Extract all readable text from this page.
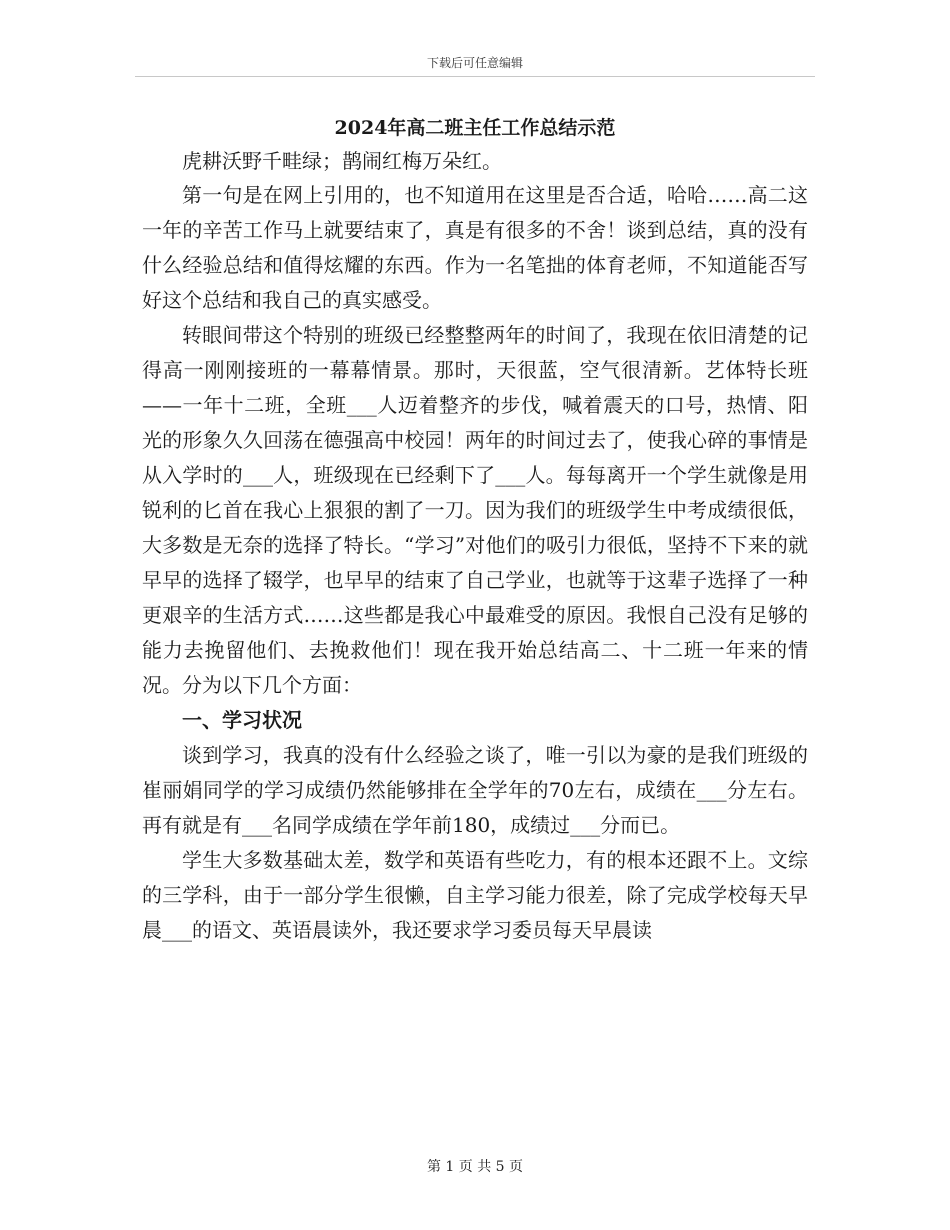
下载后可任意编辑
2024年高二班主任工作总结示范

虎耕沃野千畦绿；鹊闹红梅万朵红。

第一句是在网上引用的，也不知道用在这里是否合适，哈哈……高二这一年的辛苦工作马上就要结束了，真是有很多的不舍！谈到总结，真的没有什么经验总结和值得炫耀的东西。作为一名笔拙的体育老师，不知道能否写好这个总结和我自己的真实感受。

转眼间带这个特别的班级已经整整两年的时间了，我现在依旧清楚的记得高一刚刚接班的一幕幕情景。那时，天很蓝，空气很清新。艺体特长班——一年十二班，全班___人迈着整齐的步伐，喊着震天的口号，热情、阳光的形象久久回荡在德强高中校园！两年的时间过去了，使我心碎的事情是从入学时的___人，班级现在已经剩下了___人。每每离开一个学生就像是用锐利的匕首在我心上狠狠的割了一刀。因为我们的班级学生中考成绩很低，大多数是无奈的选择了特长。“学习”对他们的吸引力很低，坚持不下来的就早早的选择了辍学，也早早的结束了自己学业，也就等于这辈子选择了一种更艰辛的生活方式……这些都是我心中最难受的原因。我恨自己没有足够的能力去挽留他们、去挽救他们！现在我开始总结高二、十二班一年来的情况。分为以下几个方面：

一、学习状况

谈到学习，我真的没有什么经验之谈了，唯一引以为豪的是我们班级的崔丽娟同学的学习成绩仍然能够排在全学年的70左右，成绩在___分左右。再有就是有___名同学成绩在学年前180，成绩过___分而已。

学生大多数基础太差，数学和英语有些吃力，有的根本还跟不上。文综的三学科，由于一部分学生很懒，自主学习能力很差，除了完成学校每天早晨___的语文、英语晨读外，我还要求学习委员每天早晨读

第 1 页 共 5 页
